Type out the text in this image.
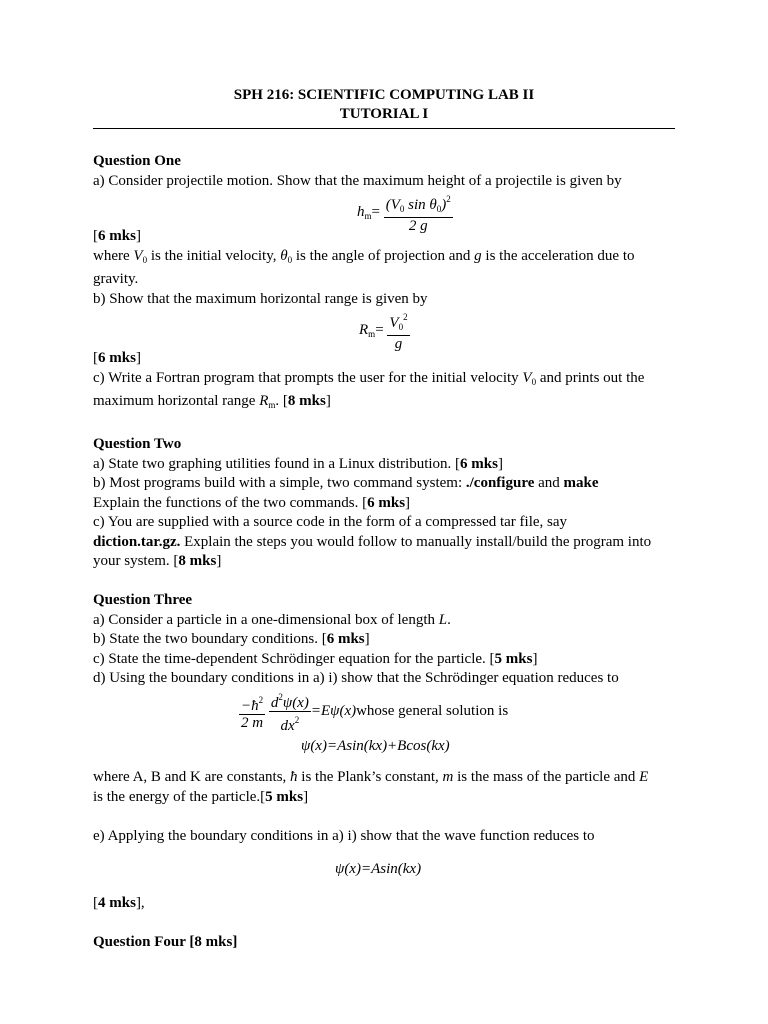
SPH 216: SCIENTIFIC COMPUTING LAB II
TUTORIAL I
Question One
a) Consider projectile motion. Show that the maximum height of a projectile is given by
$h_m= \frac{(V_0 \sin \theta_0)^2}{2 g}$
[6 mks]
where $V_0$ is the initial velocity, $\theta_0$ is the angle of projection and g is the acceleration due to
gravity.
b) Show that the maximum horizontal range is given by
$R_m= \frac{V_0^2}{g}$
[6 mks]
c) Write a Fortran program that prompts the user for the initial velocity $V_0$ and prints out the
maximum horizontal range $R_m$. [8 mks]
Question Two
a) State two graphing utilities found in a Linux distribution. [6 mks]
b) Most programs build with a simple, two command system: ./configure and make
Explain the functions of the two commands. [6 mks]
c) You are supplied with a source code in the form of a compressed tar file, say
diction.tar.gz. Explain the steps you would follow to manually install/build the program into
your system. [8 mks]
Question Three
a) Consider a particle in a one-dimensional box of length L.
b) State the two boundary conditions. [6 mks]
c) State the time-dependent Schrödinger equation for the particle. [5 mks]
d) Using the boundary conditions in a) i) show that the Schrödinger equation reduces to
$\frac{-ħ^2}{2 m}$
$\frac{d^2\psi(x)}{dx^2}$ =Eψ(x)whose general solution is
ψ(x)=Asin(kx)+Bcos(kx)
where A, B and K are constants, ħ is the Plank’s constant, m is the mass of the particle and E
is the energy of the particle.[5 mks]
e) Applying the boundary conditions in a) i) show that the wave function reduces to
ψ(x)=Asin(kx)
[4 mks],
Question Four [8 mks]
